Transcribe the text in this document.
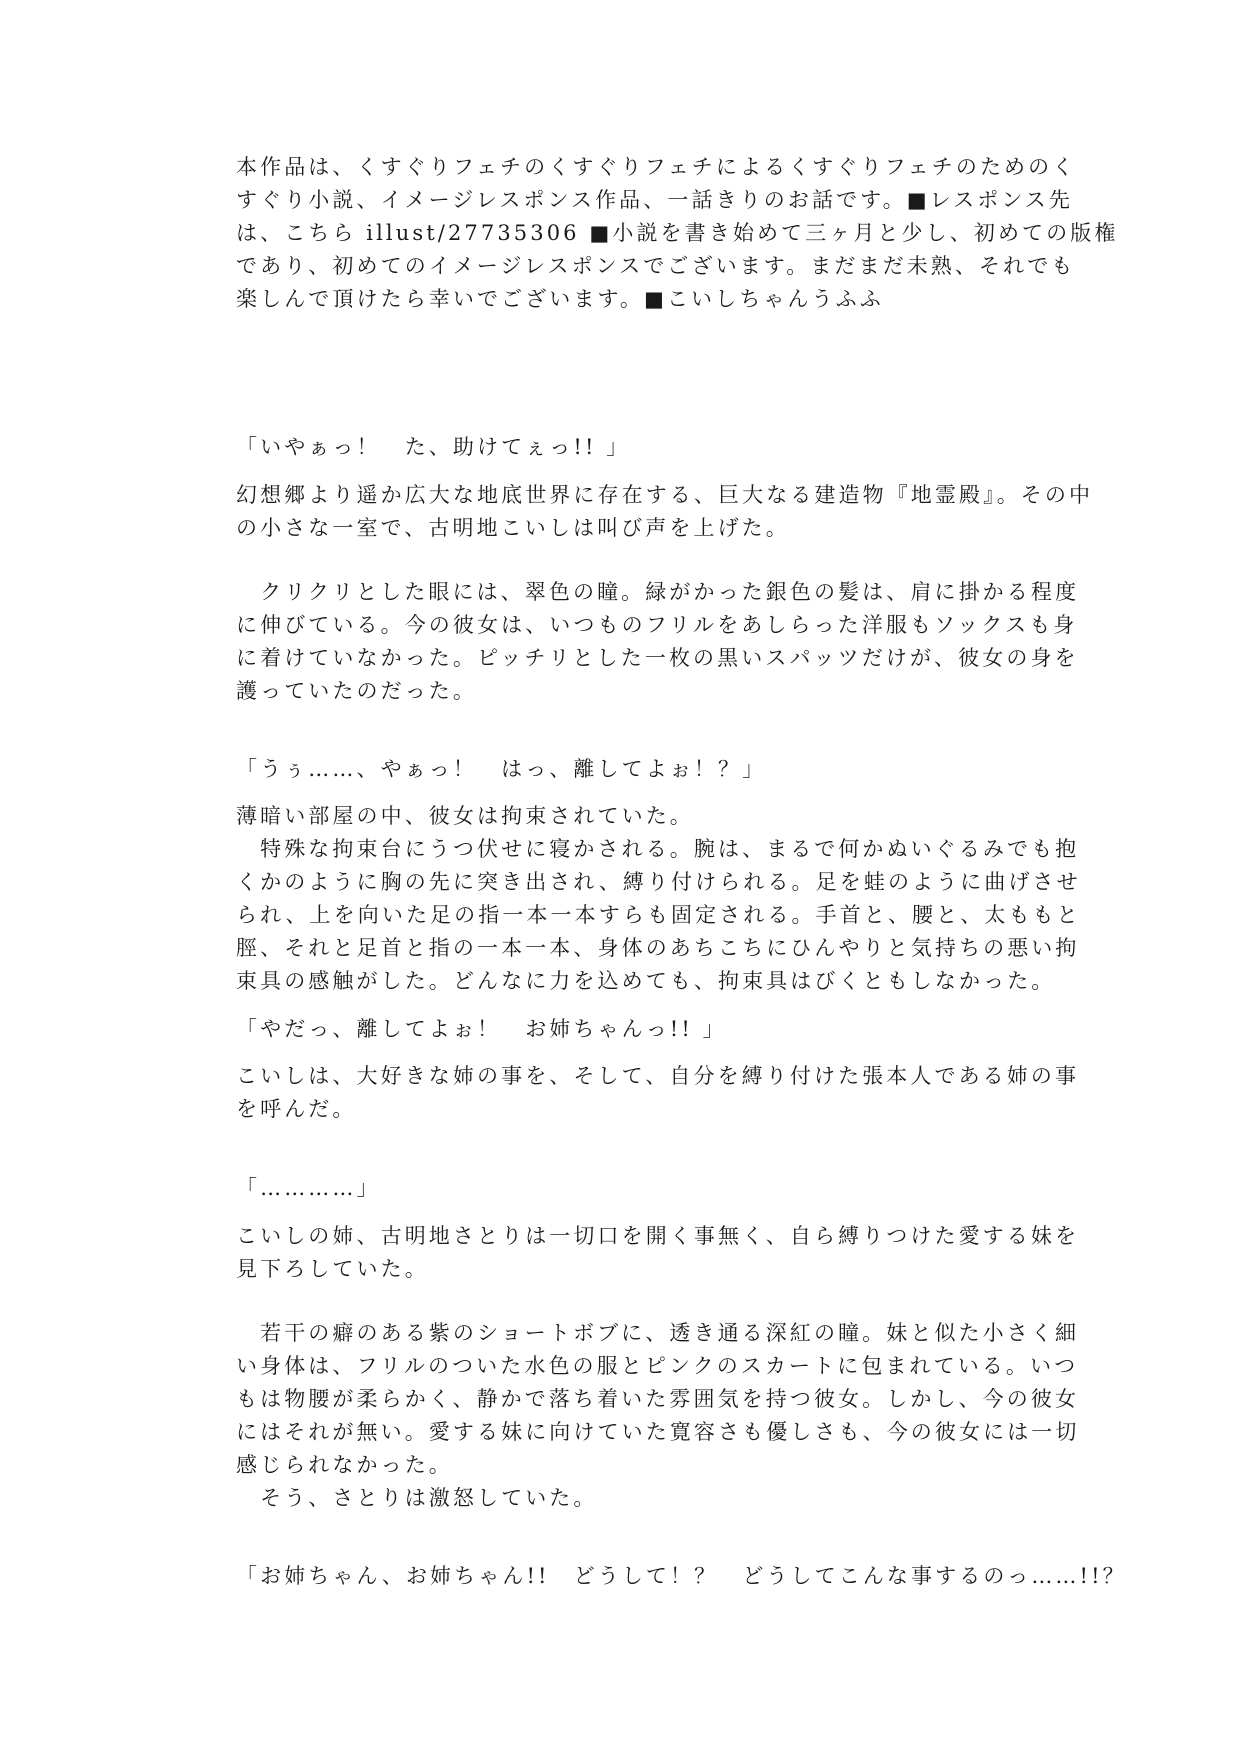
本作品は、くすぐりフェチのくすぐりフェチによるくすぐりフェチのためのく
すぐり小説、イメージレスポンス作品、一話きりのお話です。■レスポンス先
は、こちら illust/27735306 ■小説を書き始めて三ヶ月と少し、初めての版権
であり、初めてのイメージレスポンスでございます。まだまだ未熟、それでも
楽しんで頂けたら幸いでございます。■こいしちゃんうふふ
「いやぁっ！　た、助けてぇっ!! 」
幻想郷より遥か広大な地底世界に存在する、巨大なる建造物『地霊殿』。その中
の小さな一室で、古明地こいしは叫び声を上げた。
　クリクリとした眼には、翠色の瞳。緑がかった銀色の髪は、肩に掛かる程度
に伸びている。今の彼女は、いつものフリルをあしらった洋服もソックスも身
に着けていなかった。ピッチリとした一枚の黒いスパッツだけが、彼女の身を
護っていたのだった。
「うぅ……、やぁっ！　はっ、離してよぉ！？」
薄暗い部屋の中、彼女は拘束されていた。
　特殊な拘束台にうつ伏せに寝かされる。腕は、まるで何かぬいぐるみでも抱
くかのように胸の先に突き出され、縛り付けられる。足を蛙のように曲げさせ
られ、上を向いた足の指一本一本すらも固定される。手首と、腰と、太ももと
脛、それと足首と指の一本一本、身体のあちこちにひんやりと気持ちの悪い拘
束具の感触がした。どんなに力を込めても、拘束具はびくともしなかった。
「やだっ、離してよぉ！　お姉ちゃんっ!! 」
こいしは、大好きな姉の事を、そして、自分を縛り付けた張本人である姉の事
を呼んだ。
「…………」
こいしの姉、古明地さとりは一切口を開く事無く、自ら縛りつけた愛する妹を
見下ろしていた。
　若干の癖のある紫のショートボブに、透き通る深紅の瞳。妹と似た小さく細
い身体は、フリルのついた水色の服とピンクのスカートに包まれている。いつ
もは物腰が柔らかく、静かで落ち着いた雰囲気を持つ彼女。しかし、今の彼女
にはそれが無い。愛する妹に向けていた寛容さも優しさも、今の彼女には一切
感じられなかった。
　そう、さとりは激怒していた。
「お姉ちゃん、お姉ちゃん!!　どうして！？　どうしてこんな事するのっ……!!？
